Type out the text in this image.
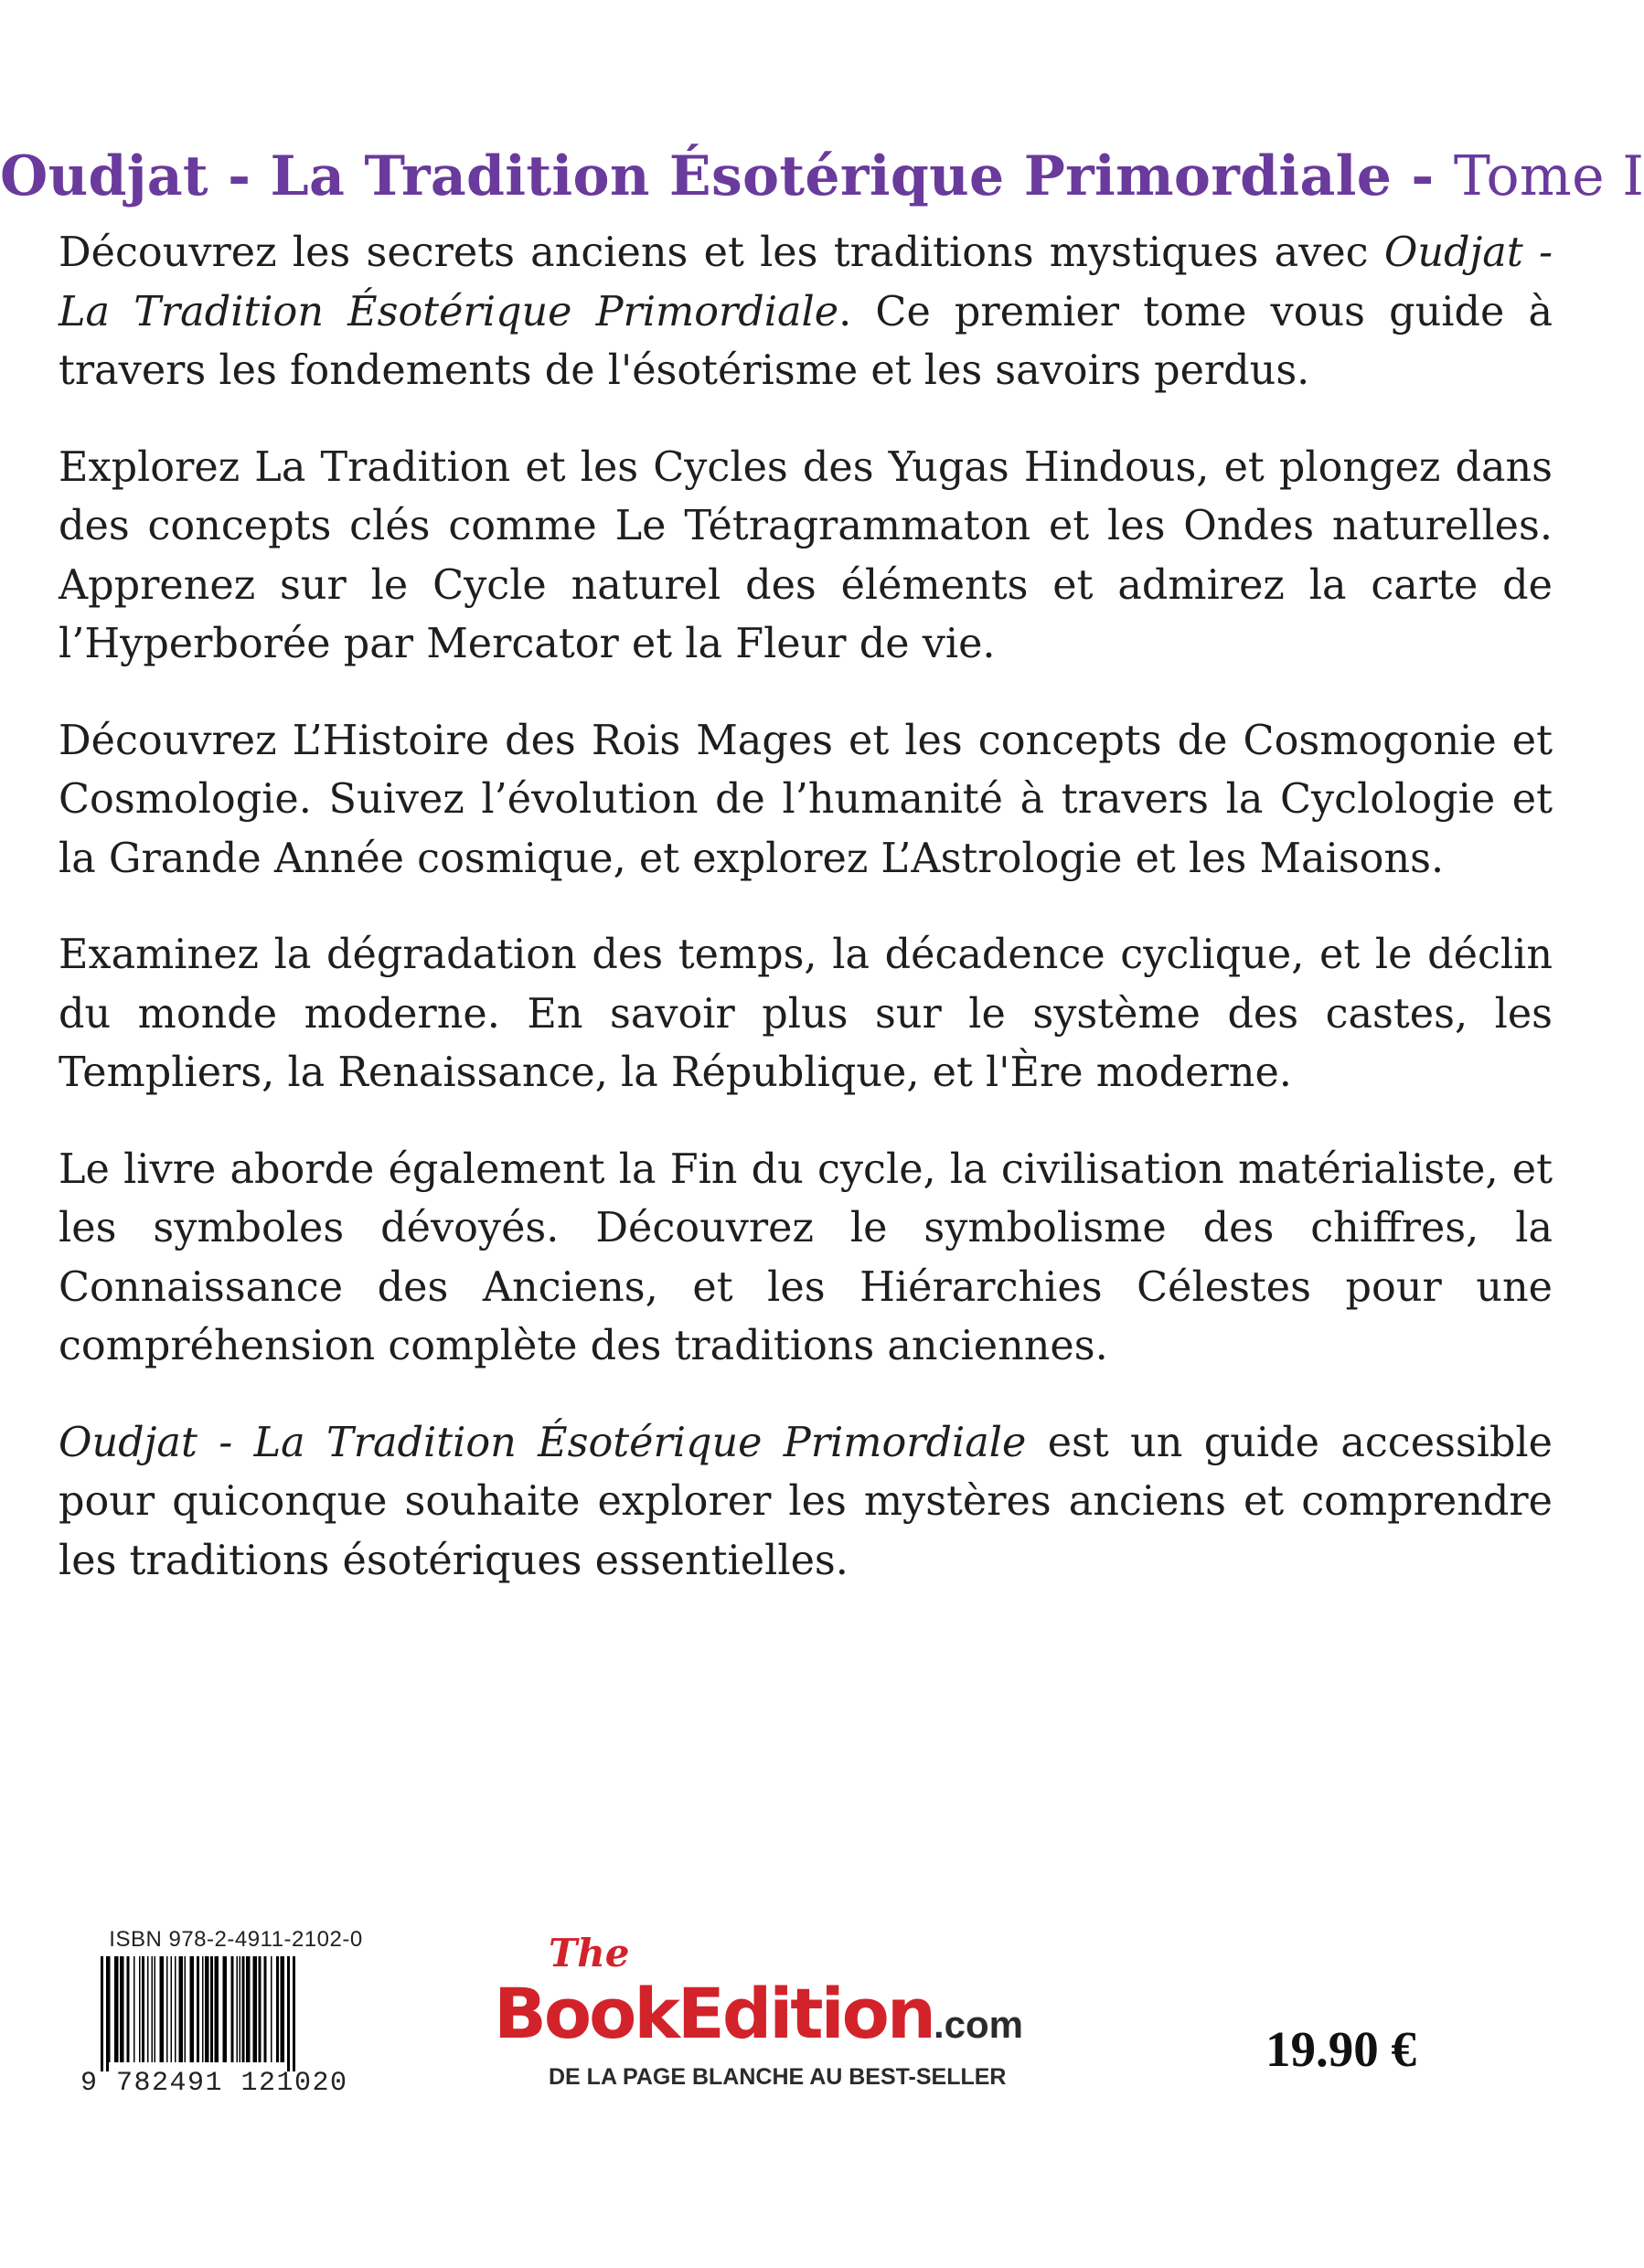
Oudjat - La Tradition Ésotérique Primordiale - Tome I

Découvrez les secrets anciens et les traditions mystiques avec Oudjat - La Tradition Ésotérique Primordiale. Ce premier tome vous guide à travers les fondements de l'ésotérisme et les savoirs perdus.

Explorez La Tradition et les Cycles des Yugas Hindous, et plongez dans des concepts clés comme Le Tétragrammaton et les Ondes naturelles. Apprenez sur le Cycle naturel des éléments et admirez la carte de l’Hyperborée par Mercator et la Fleur de vie.

Découvrez L’Histoire des Rois Mages et les concepts de Cosmogonie et Cosmologie. Suivez l’évolution de l’humanité à travers la Cyclologie et la Grande Année cosmique, et explorez L’Astrologie et les Maisons.

Examinez la dégradation des temps, la décadence cyclique, et le déclin du monde moderne. En savoir plus sur le système des castes, les Templiers, la Renaissance, la République, et l'Ère moderne.

Le livre aborde également la Fin du cycle, la civilisation matérialiste, et les symboles dévoyés. Découvrez le symbolisme des chiffres, la Connaissance des Anciens, et les Hiérarchies Célestes pour une compréhension complète des traditions anciennes.

Oudjat - La Tradition Ésotérique Primordiale est un guide accessible pour quiconque souhaite explorer les mystères anciens et comprendre les traditions ésotériques essentielles.

ISBN 978-2-4911-2102-0
9 782491 121020
The
BookEdition.com
DE LA PAGE BLANCHE AU BEST-SELLER	19.90 €
